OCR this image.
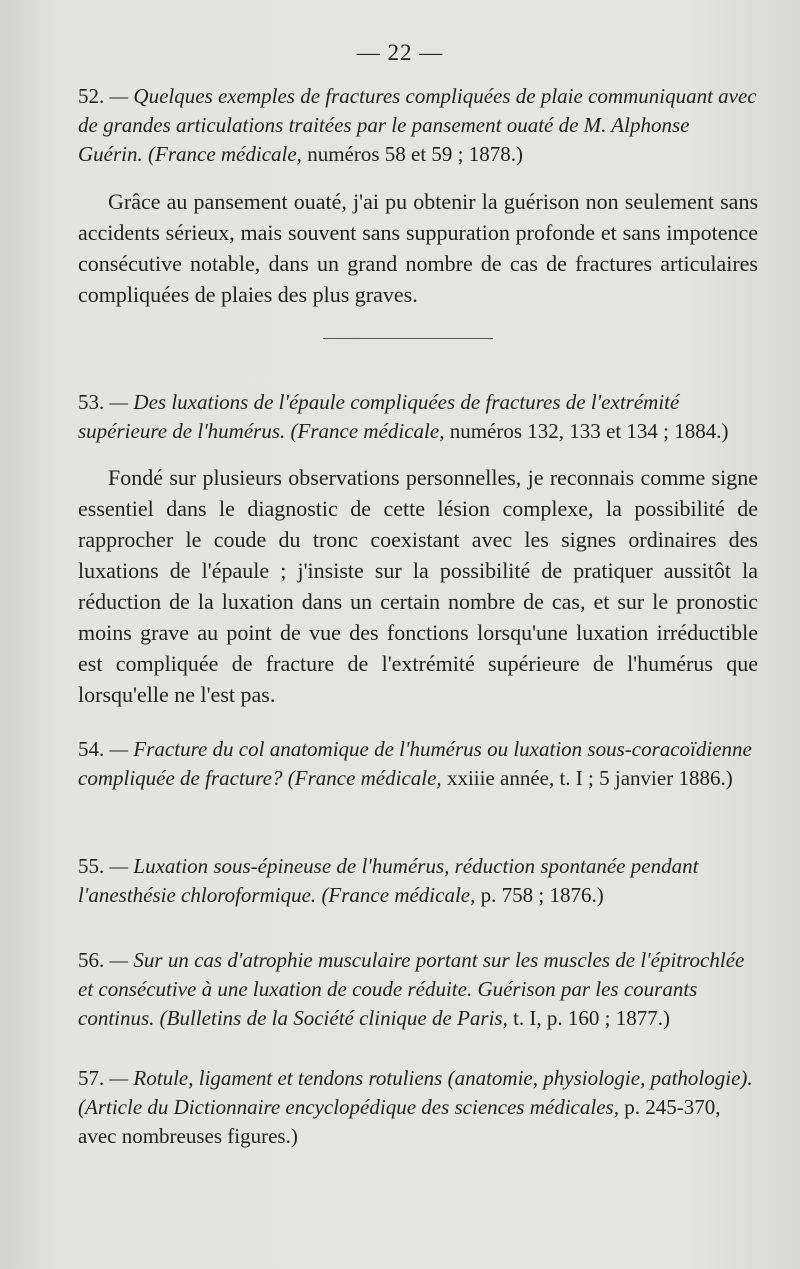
— 22 —
52. — Quelques exemples de fractures compliquées de plaie communiquant avec de grandes articulations traitées par le pansement ouaté de M. Alphonse Guérin. (France médicale, numéros 58 et 59 ; 1878.)
Grâce au pansement ouaté, j'ai pu obtenir la guérison non seulement sans accidents sérieux, mais souvent sans suppuration profonde et sans impotence consécutive notable, dans un grand nombre de cas de fractures articulaires compliquées de plaies des plus graves.
53. — Des luxations de l'épaule compliquées de fractures de l'extrémité supérieure de l'humérus. (France médicale, numéros 132, 133 et 134 ; 1884.)
Fondé sur plusieurs observations personnelles, je reconnais comme signe essentiel dans le diagnostic de cette lésion complexe, la possibilité de rapprocher le coude du tronc coexistant avec les signes ordinaires des luxations de l'épaule ; j'insiste sur la possibilité de pratiquer aussitôt la réduction de la luxation dans un certain nombre de cas, et sur le pronostic moins grave au point de vue des fonctions lorsqu'une luxation irréductible est compliquée de fracture de l'extrémité supérieure de l'humérus que lorsqu'elle ne l'est pas.
54. — Fracture du col anatomique de l'humérus ou luxation sous-coracoïdienne compliquée de fracture? (France médicale, xxiiie année, t. I ; 5 janvier 1886.)
55. — Luxation sous-épineuse de l'humérus, réduction spontanée pendant l'anesthésie chloroformique. (France médicale, p. 758 ; 1876.)
56. — Sur un cas d'atrophie musculaire portant sur les muscles de l'épitrochlée et consécutive à une luxation de coude réduite. Guérison par les courants continus. (Bulletins de la Société clinique de Paris, t. I, p. 160 ; 1877.)
57. — Rotule, ligament et tendons rotuliens (anatomie, physiologie, pathologie). (Article du Dictionnaire encyclopédique des sciences médicales, p. 245-370, avec nombreuses figures.)
